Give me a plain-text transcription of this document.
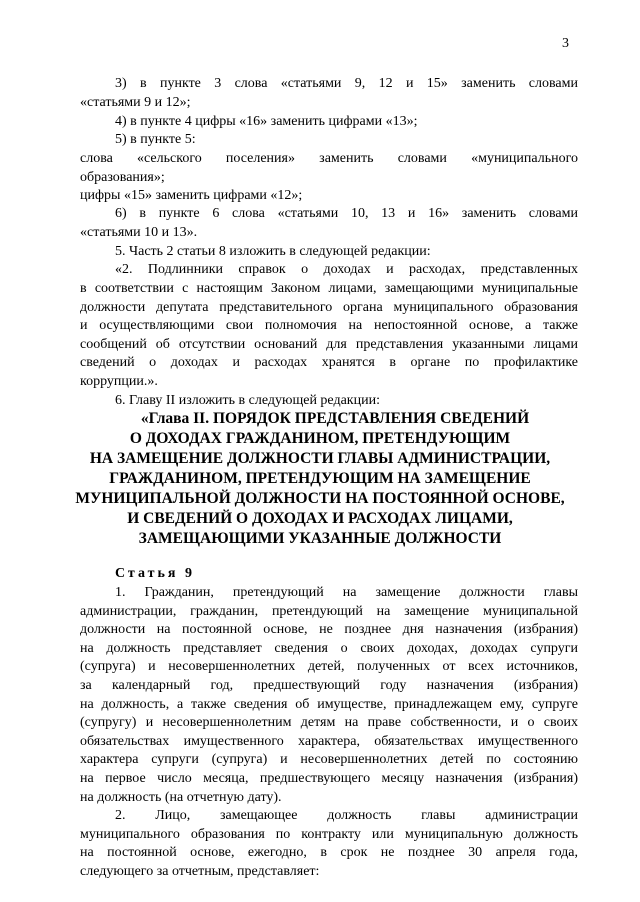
3
3) в пункте 3 слова «статьями 9, 12 и 15» заменить словами
«статьями 9 и 12»;
4) в пункте 4 цифры «16» заменить цифрами «13»;
5) в пункте 5:
слова «сельского поселения» заменить словами «муниципального
образования»;
цифры «15» заменить цифрами «12»;
6) в пункте 6 слова «статьями 10, 13 и 16» заменить словами
«статьями 10 и 13».
5. Часть 2 статьи 8 изложить в следующей редакции:
«2. Подлинники справок о доходах и расходах, представленных
в соответствии с настоящим Законом лицами, замещающими муниципальные
должности депутата представительного органа муниципального образования
и осуществляющими свои полномочия на непостоянной основе, а также
сообщений об отсутствии оснований для представления указанными лицами
сведений о доходах и расходах хранятся в органе по профилактике
коррупции.».
6. Главу II изложить в следующей редакции:
«Глава II. ПОРЯДОК ПРЕДСТАВЛЕНИЯ СВЕДЕНИЙ
О ДОХОДАХ ГРАЖДАНИНОМ, ПРЕТЕНДУЮЩИМ
НА ЗАМЕЩЕНИЕ ДОЛЖНОСТИ ГЛАВЫ АДМИНИСТРАЦИИ,
ГРАЖДАНИНОМ, ПРЕТЕНДУЮЩИМ НА ЗАМЕЩЕНИЕ
МУНИЦИПАЛЬНОЙ ДОЛЖНОСТИ НА ПОСТОЯННОЙ ОСНОВЕ,
И СВЕДЕНИЙ О ДОХОДАХ И РАСХОДАХ ЛИЦАМИ,
ЗАМЕЩАЮЩИМИ УКАЗАННЫЕ ДОЛЖНОСТИ
Статья 9
1. Гражданин, претендующий на замещение должности главы
администрации, гражданин, претендующий на замещение муниципальной
должности на постоянной основе, не позднее дня назначения (избрания)
на должность представляет сведения о своих доходах, доходах супруги
(супруга) и несовершеннолетних детей, полученных от всех источников,
за календарный год, предшествующий году назначения (избрания)
на должность, а также сведения об имуществе, принадлежащем ему, супруге
(супругу) и несовершеннолетним детям на праве собственности, и о своих
обязательствах имущественного характера, обязательствах имущественного
характера супруги (супруга) и несовершеннолетних детей по состоянию
на первое число месяца, предшествующего месяцу назначения (избрания)
на должность (на отчетную дату).
2. Лицо, замещающее должность главы администрации
муниципального образования по контракту или муниципальную должность
на постоянной основе, ежегодно, в срок не позднее 30 апреля года,
следующего за отчетным, представляет:
